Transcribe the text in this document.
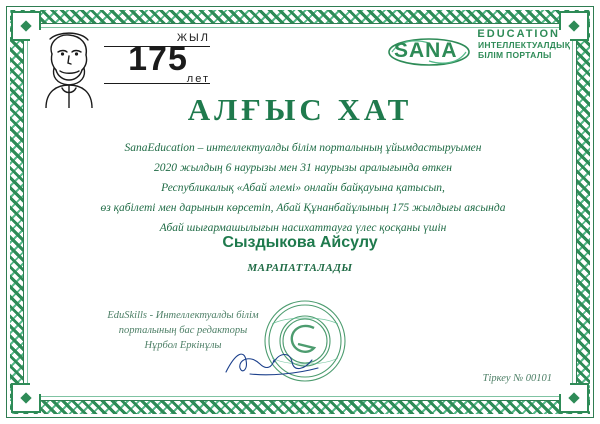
ЖЫЛ
175
лет
EDUCATION
SANA ИНТЕЛЛЕКТУАЛДЫҚ
БІЛІМ ПОРТАЛЫ
АЛҒЫС ХАТ
SanaEducation – интеллектуалды білім порталының ұйымдастыруымен
2020 жылдың 6 наурызы мен 31 наурызы аралығында өткен
Республикалық «Абай әлемі» онлайн байқауына қатысып,
өз қабілеті мен дарынын көрсетіп, Абай Құнанбайұлының 175 жылдығы аясында
Абай шығармашылығын насихаттауға үлес қосқаны үшін
Сыздыкова Айсулу
МАРАПАТТАЛАДЫ
EduSkills - Интеллектуалды білім
порталының бас редакторы
Нұрбол Еркінұлы
Тіркеу № 00101
